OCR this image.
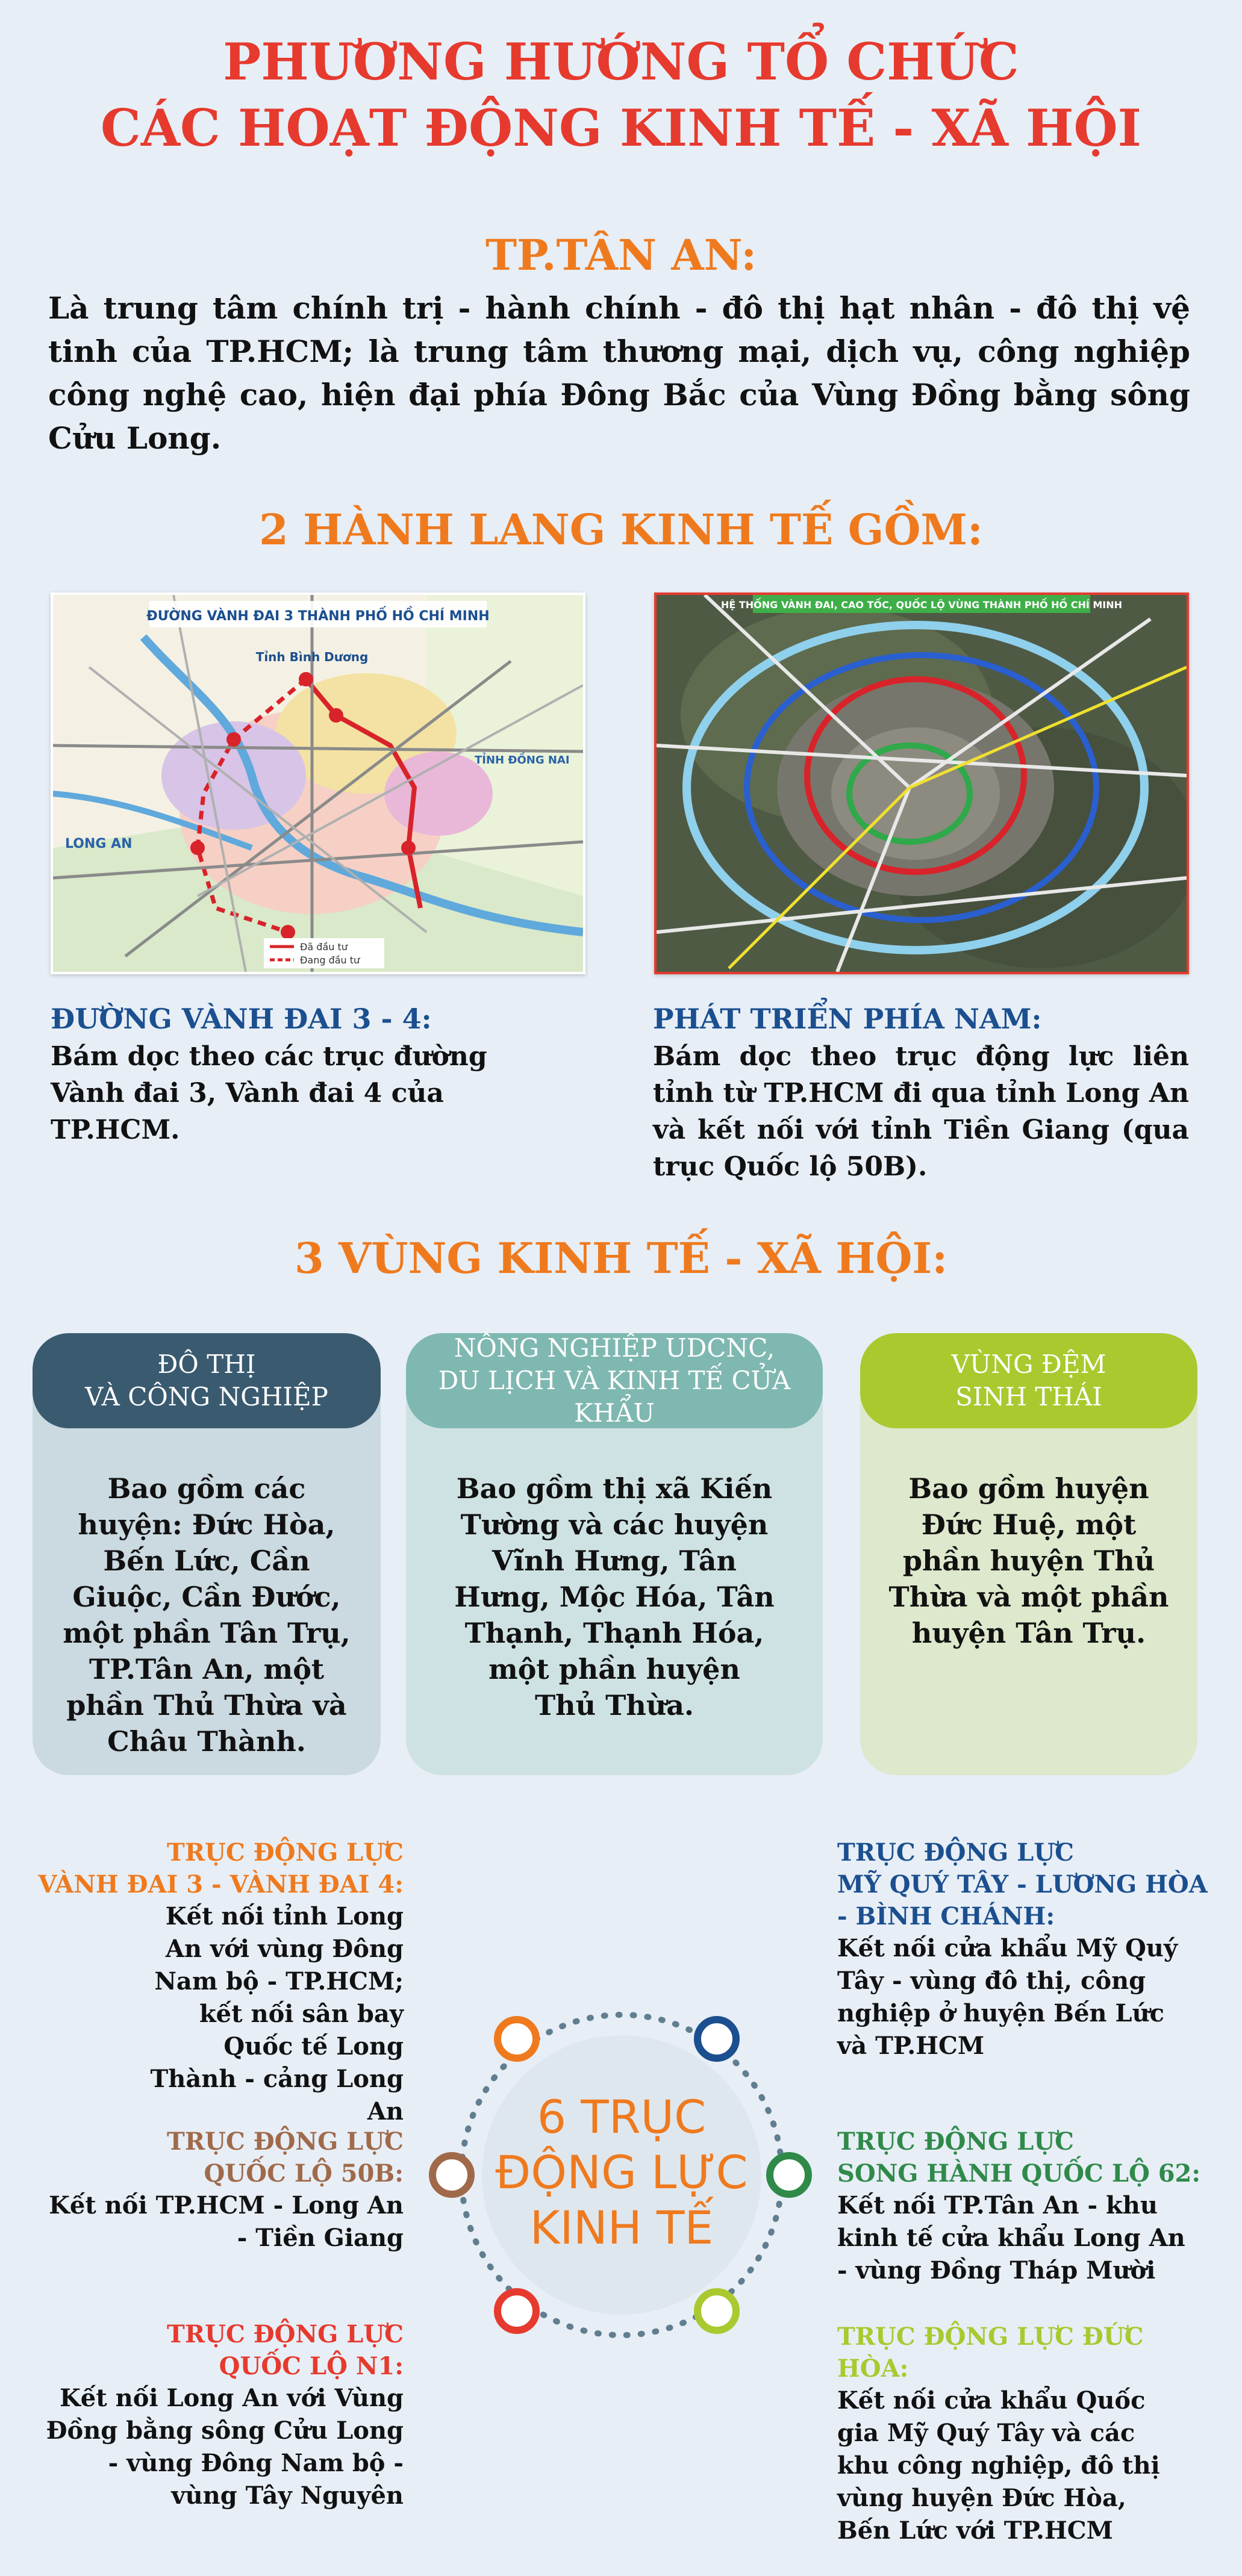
PHƯƠNG HƯỚNG TỔ CHỨC
CÁC HOẠT ĐỘNG KINH TẾ - XÃ HỘI
TP.TÂN AN:
Là trung tâm chính trị - hành chính - đô thị hạt nhân - đô thị vệ tinh của TP.HCM; là trung tâm thương mại, dịch vụ, công nghiệp công nghệ cao, hiện đại phía Đông Bắc của Vùng Đồng bằng sông Cửu Long.
2 HÀNH LANG KINH TẾ GỒM:
ĐƯỜNG VÀNH ĐAI 3 THÀNH PHỐ HỒ CHÍ MINH
Tỉnh Bình Dương
LONG AN
TỈNH ĐỒNG NAI
Đã đầu tư
Đang đầu tư
HỆ THỐNG VÀNH ĐAI, CAO TỐC, QUỐC LỘ VÙNG THÀNH PHỐ HỒ CHÍ MINH
ĐƯỜNG VÀNH ĐAI 3 - 4:
Bám dọc theo các trục đường Vành đai 3, Vành đai 4 của TP.HCM.
PHÁT TRIỂN PHÍA NAM:
Bám dọc theo trục động lực liên tỉnh từ TP.HCM đi qua tỉnh Long An và kết nối với tỉnh Tiền Giang (qua trục Quốc lộ 50B).
3 VÙNG KINH TẾ - XÃ HỘI:
ĐÔ THỊ
VÀ CÔNG NGHIỆP
Bao gồm các huyện: Đức Hòa, Bến Lức, Cần Giuộc, Cần Đước, một phần Tân Trụ, TP.Tân An, một phần Thủ Thừa và Châu Thành.
NÔNG NGHIỆP UDCNC,
DU LỊCH VÀ KINH TẾ CỬA KHẨU
Bao gồm thị xã Kiến Tường và các huyện Vĩnh Hưng, Tân Hưng, Mộc Hóa, Tân Thạnh, Thạnh Hóa, một phần huyện Thủ Thừa.
VÙNG ĐỆM
SINH THÁI
Bao gồm huyện Đức Huệ, một phần huyện Thủ Thừa và một phần huyện Tân Trụ.
TRỤC ĐỘNG LỰC
VÀNH ĐAI 3 - VÀNH ĐAI 4:
Kết nối tỉnh Long An với vùng Đông Nam bộ - TP.HCM; kết nối sân bay Quốc tế Long Thành - cảng Long An
TRỤC ĐỘNG LỰC
QUỐC LỘ 50B:
Kết nối TP.HCM - Long An - Tiền Giang
TRỤC ĐỘNG LỰC
QUỐC LỘ N1:
Kết nối Long An với Vùng Đồng bằng sông Cửu Long - vùng Đông Nam bộ - vùng Tây Nguyên
TRỤC ĐỘNG LỰC
MỸ QUÝ TÂY - LƯƠNG HÒA
- BÌNH CHÁNH:
Kết nối cửa khẩu Mỹ Quý Tây - vùng đô thị, công nghiệp ở huyện Bến Lức và TP.HCM
TRỤC ĐỘNG LỰC
SONG HÀNH QUỐC LỘ 62:
Kết nối TP.Tân An - khu kinh tế cửa khẩu Long An - vùng Đồng Tháp Mười
TRỤC ĐỘNG LỰC ĐỨC HÒA:
Kết nối cửa khẩu Quốc gia Mỹ Quý Tây và các khu công nghiệp, đô thị vùng huyện Đức Hòa, Bến Lức với TP.HCM
6 TRỤC
ĐỘNG LỰC
KINH TẾ
